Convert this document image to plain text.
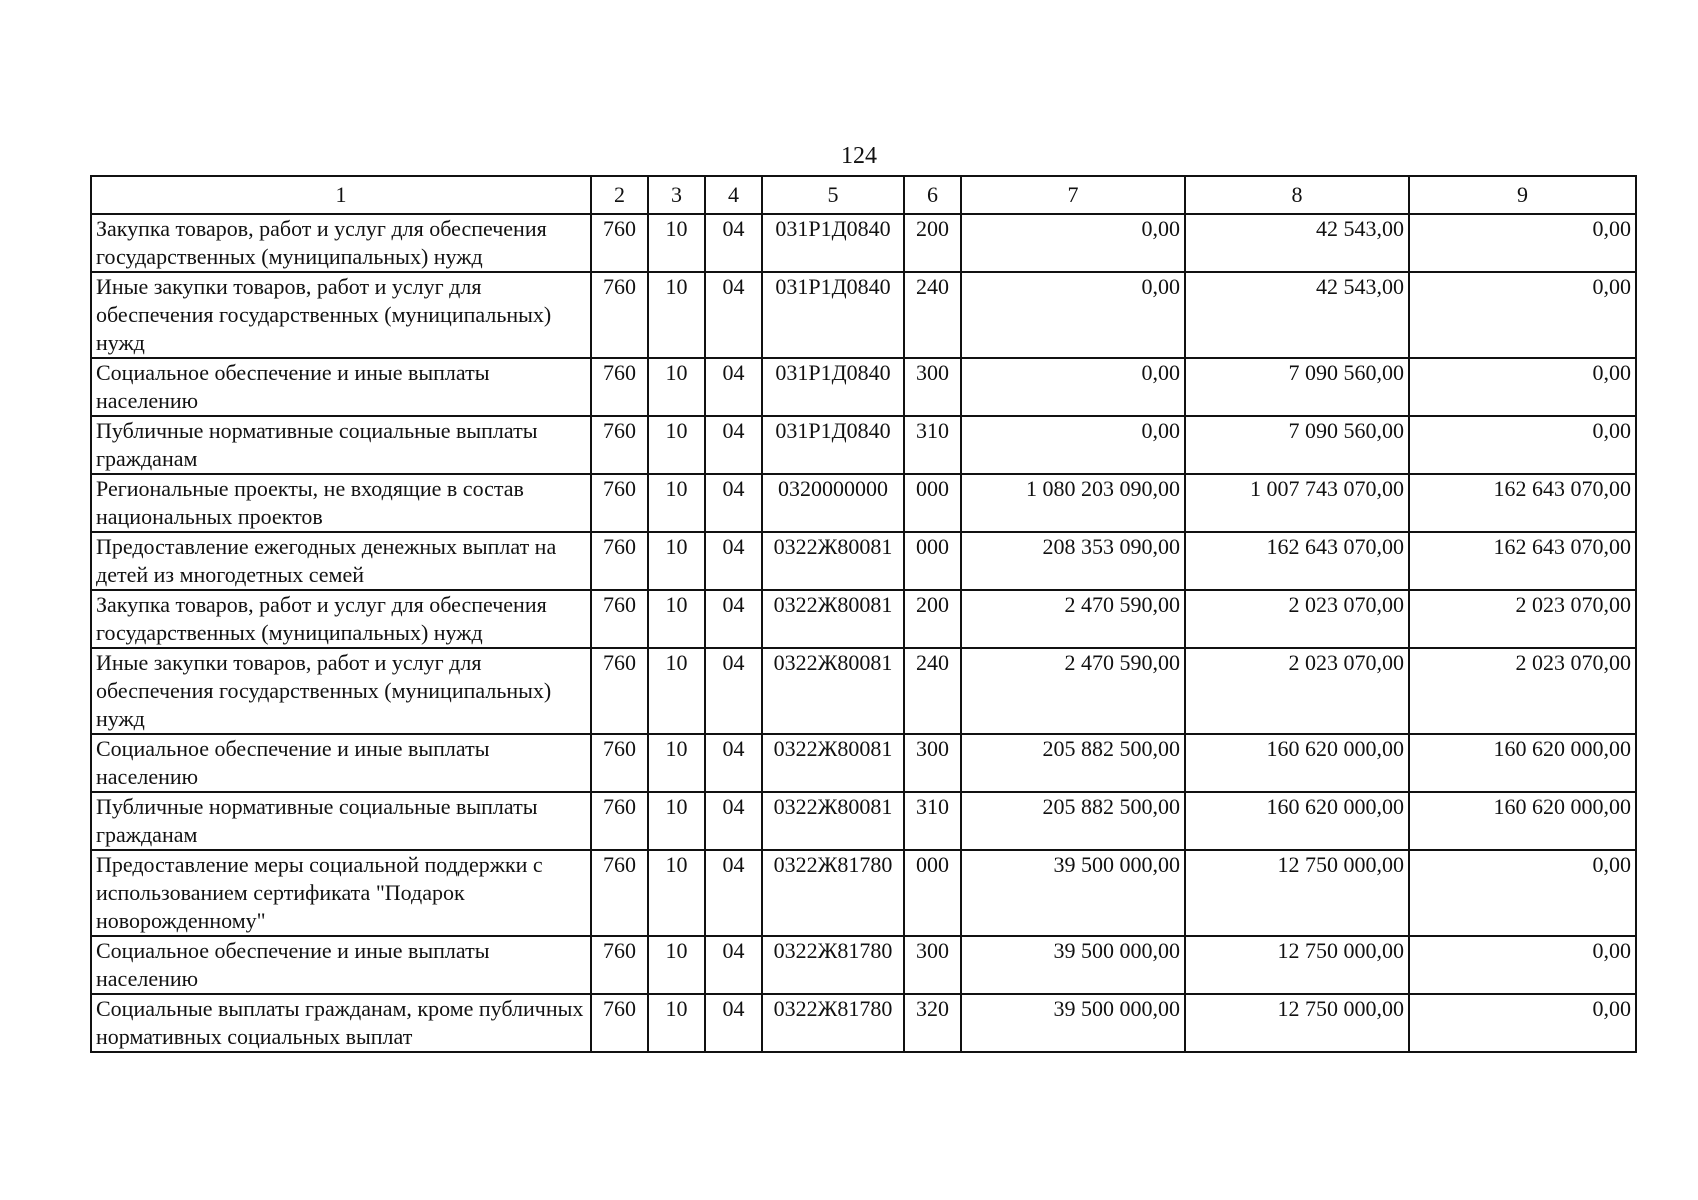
124
1	2	3	4	5	6	7	8	9
Закупка товаров, работ и услуг для обеспечения государственных (муниципальных) нужд	760	10	04	031Р1Д0840	200	0,00	42 543,00	0,00
Иные закупки товаров, работ и услуг для обеспечения государственных (муниципальных) нужд	760	10	04	031Р1Д0840	240	0,00	42 543,00	0,00
Социальное обеспечение и иные выплаты населению	760	10	04	031Р1Д0840	300	0,00	7 090 560,00	0,00
Публичные нормативные социальные выплаты гражданам	760	10	04	031Р1Д0840	310	0,00	7 090 560,00	0,00
Региональные проекты, не входящие в состав национальных проектов	760	10	04	0320000000	000	1 080 203 090,00	1 007 743 070,00	162 643 070,00
Предоставление ежегодных денежных выплат на детей из многодетных семей	760	10	04	0322Ж80081	000	208 353 090,00	162 643 070,00	162 643 070,00
Закупка товаров, работ и услуг для обеспечения государственных (муниципальных) нужд	760	10	04	0322Ж80081	200	2 470 590,00	2 023 070,00	2 023 070,00
Иные закупки товаров, работ и услуг для обеспечения государственных (муниципальных) нужд	760	10	04	0322Ж80081	240	2 470 590,00	2 023 070,00	2 023 070,00
Социальное обеспечение и иные выплаты населению	760	10	04	0322Ж80081	300	205 882 500,00	160 620 000,00	160 620 000,00
Публичные нормативные социальные выплаты гражданам	760	10	04	0322Ж80081	310	205 882 500,00	160 620 000,00	160 620 000,00
Предоставление меры социальной поддержки с использованием сертификата "Подарок новорожденному"	760	10	04	0322Ж81780	000	39 500 000,00	12 750 000,00	0,00
Социальное обеспечение и иные выплаты населению	760	10	04	0322Ж81780	300	39 500 000,00	12 750 000,00	0,00
Социальные выплаты гражданам, кроме публичных нормативных социальных выплат	760	10	04	0322Ж81780	320	39 500 000,00	12 750 000,00	0,00
